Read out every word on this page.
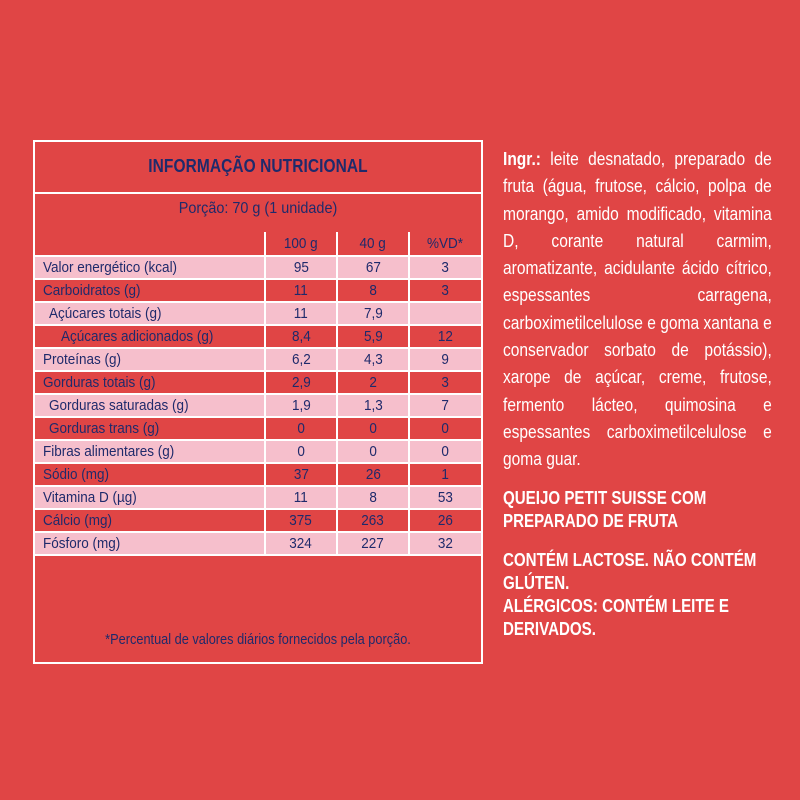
INFORMAÇÃO NUTRICIONAL
Porção: 70 g (1 unidade)
	100 g	40 g	%VD*
Valor energético (kcal)	95	67	3
Carboidratos (g)	11	8	3
Açúcares totais (g)	11	7,9	
Açúcares adicionados (g)	8,4	5,9	12
Proteínas (g)	6,2	4,3	9
Gorduras totais (g)	2,9	2	3
Gorduras saturadas (g)	1,9	1,3	7
Gorduras trans (g)	0	0	0
Fibras alimentares (g)	0	0	0
Sódio (mg)	37	26	1
Vitamina D (µg)	11	8	53
Cálcio (mg)	375	263	26
Fósforo (mg)	324	227	32
*Percentual de valores diários fornecidos pela porção.
Ingr.: leite desnatado, preparado de fruta (água, frutose, cálcio, polpa de morango, amido modificado, vitamina D, corante natural carmim, aromatizante, acidulante ácido cítrico, espessantes carragena, carboximetilcelulose e goma xantana e conservador sorbato de potássio), xarope de açúcar, creme, frutose, fermento lácteo, quimosina e espessantes carboximetilcelulose e goma guar.
QUEIJO PETIT SUISSE COM PREPARADO DE FRUTA
CONTÉM LACTOSE. NÃO CONTÉM GLÚTEN.
ALÉRGICOS: CONTÉM LEITE E DERIVADOS.
